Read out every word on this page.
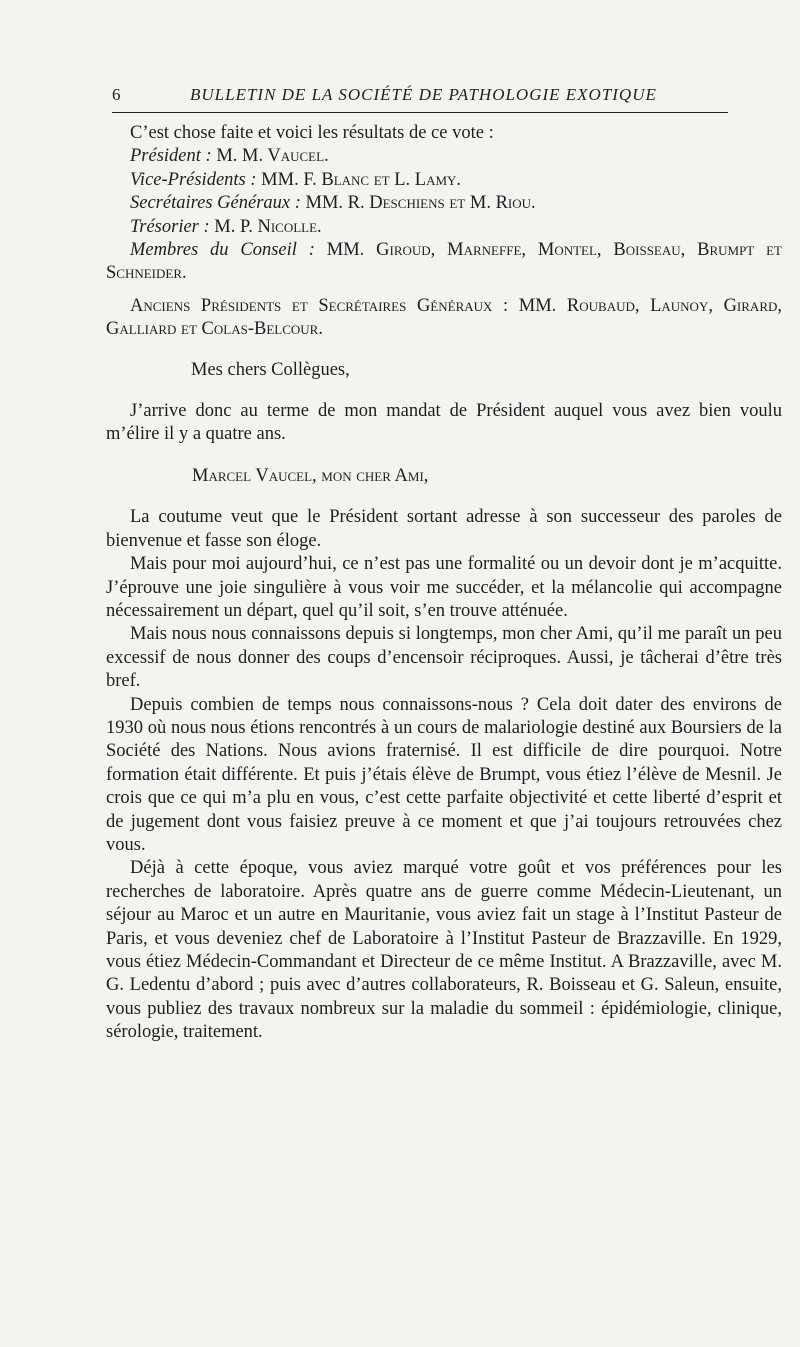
6	BULLETIN DE LA SOCIÉTÉ DE PATHOLOGIE EXOTIQUE

C’est chose faite et voici les résultats de ce vote :

Président : M. M. Vaucel.

Vice-Présidents : MM. F. Blanc et L. Lamy.

Secrétaires Généraux : MM. R. Deschiens et M. Riou.

Trésorier : M. P. Nicolle.

Membres du Conseil : MM. Giroud, Marneffe, Montel, Boisseau, Brumpt et Schneider.

Anciens Présidents et Secrétaires Généraux : MM. Roubaud, Launoy, Girard, Galliard et Colas-Belcour.

Mes chers Collègues,

J’arrive donc au terme de mon mandat de Président auquel vous avez bien voulu m’élire il y a quatre ans.

Marcel Vaucel, mon cher Ami,

La coutume veut que le Président sortant adresse à son successeur des paroles de bienvenue et fasse son éloge.

Mais pour moi aujourd’hui, ce n’est pas une formalité ou un devoir dont je m’acquitte. J’éprouve une joie singulière à vous voir me succéder, et la mélancolie qui accompagne nécessairement un départ, quel qu’il soit, s’en trouve atténuée.

Mais nous nous connaissons depuis si longtemps, mon cher Ami, qu’il me paraît un peu excessif de nous donner des coups d’encensoir réciproques. Aussi, je tâcherai d’être très bref.

Depuis combien de temps nous connaissons-nous ? Cela doit dater des environs de 1930 où nous nous étions rencontrés à un cours de malariologie destiné aux Boursiers de la Société des Nations. Nous avions fraternisé. Il est difficile de dire pourquoi. Notre formation était différente. Et puis j’étais élève de Brumpt, vous étiez l’élève de Mesnil. Je crois que ce qui m’a plu en vous, c’est cette parfaite objectivité et cette liberté d’esprit et de jugement dont vous faisiez preuve à ce moment et que j’ai toujours retrouvées chez vous.

Déjà à cette époque, vous aviez marqué votre goût et vos préférences pour les recherches de laboratoire. Après quatre ans de guerre comme Médecin-Lieutenant, un séjour au Maroc et un autre en Mauritanie, vous aviez fait un stage à l’Institut Pasteur de Paris, et vous deveniez chef de Laboratoire à l’Institut Pasteur de Brazzaville. En 1929, vous étiez Médecin-Commandant et Directeur de ce même Institut. A Brazzaville, avec M. G. Ledentu d’abord ; puis avec d’autres collaborateurs, R. Boisseau et G. Saleun, ensuite, vous publiez des travaux nombreux sur la maladie du sommeil : épidémiologie, clinique, sérologie, traitement.
